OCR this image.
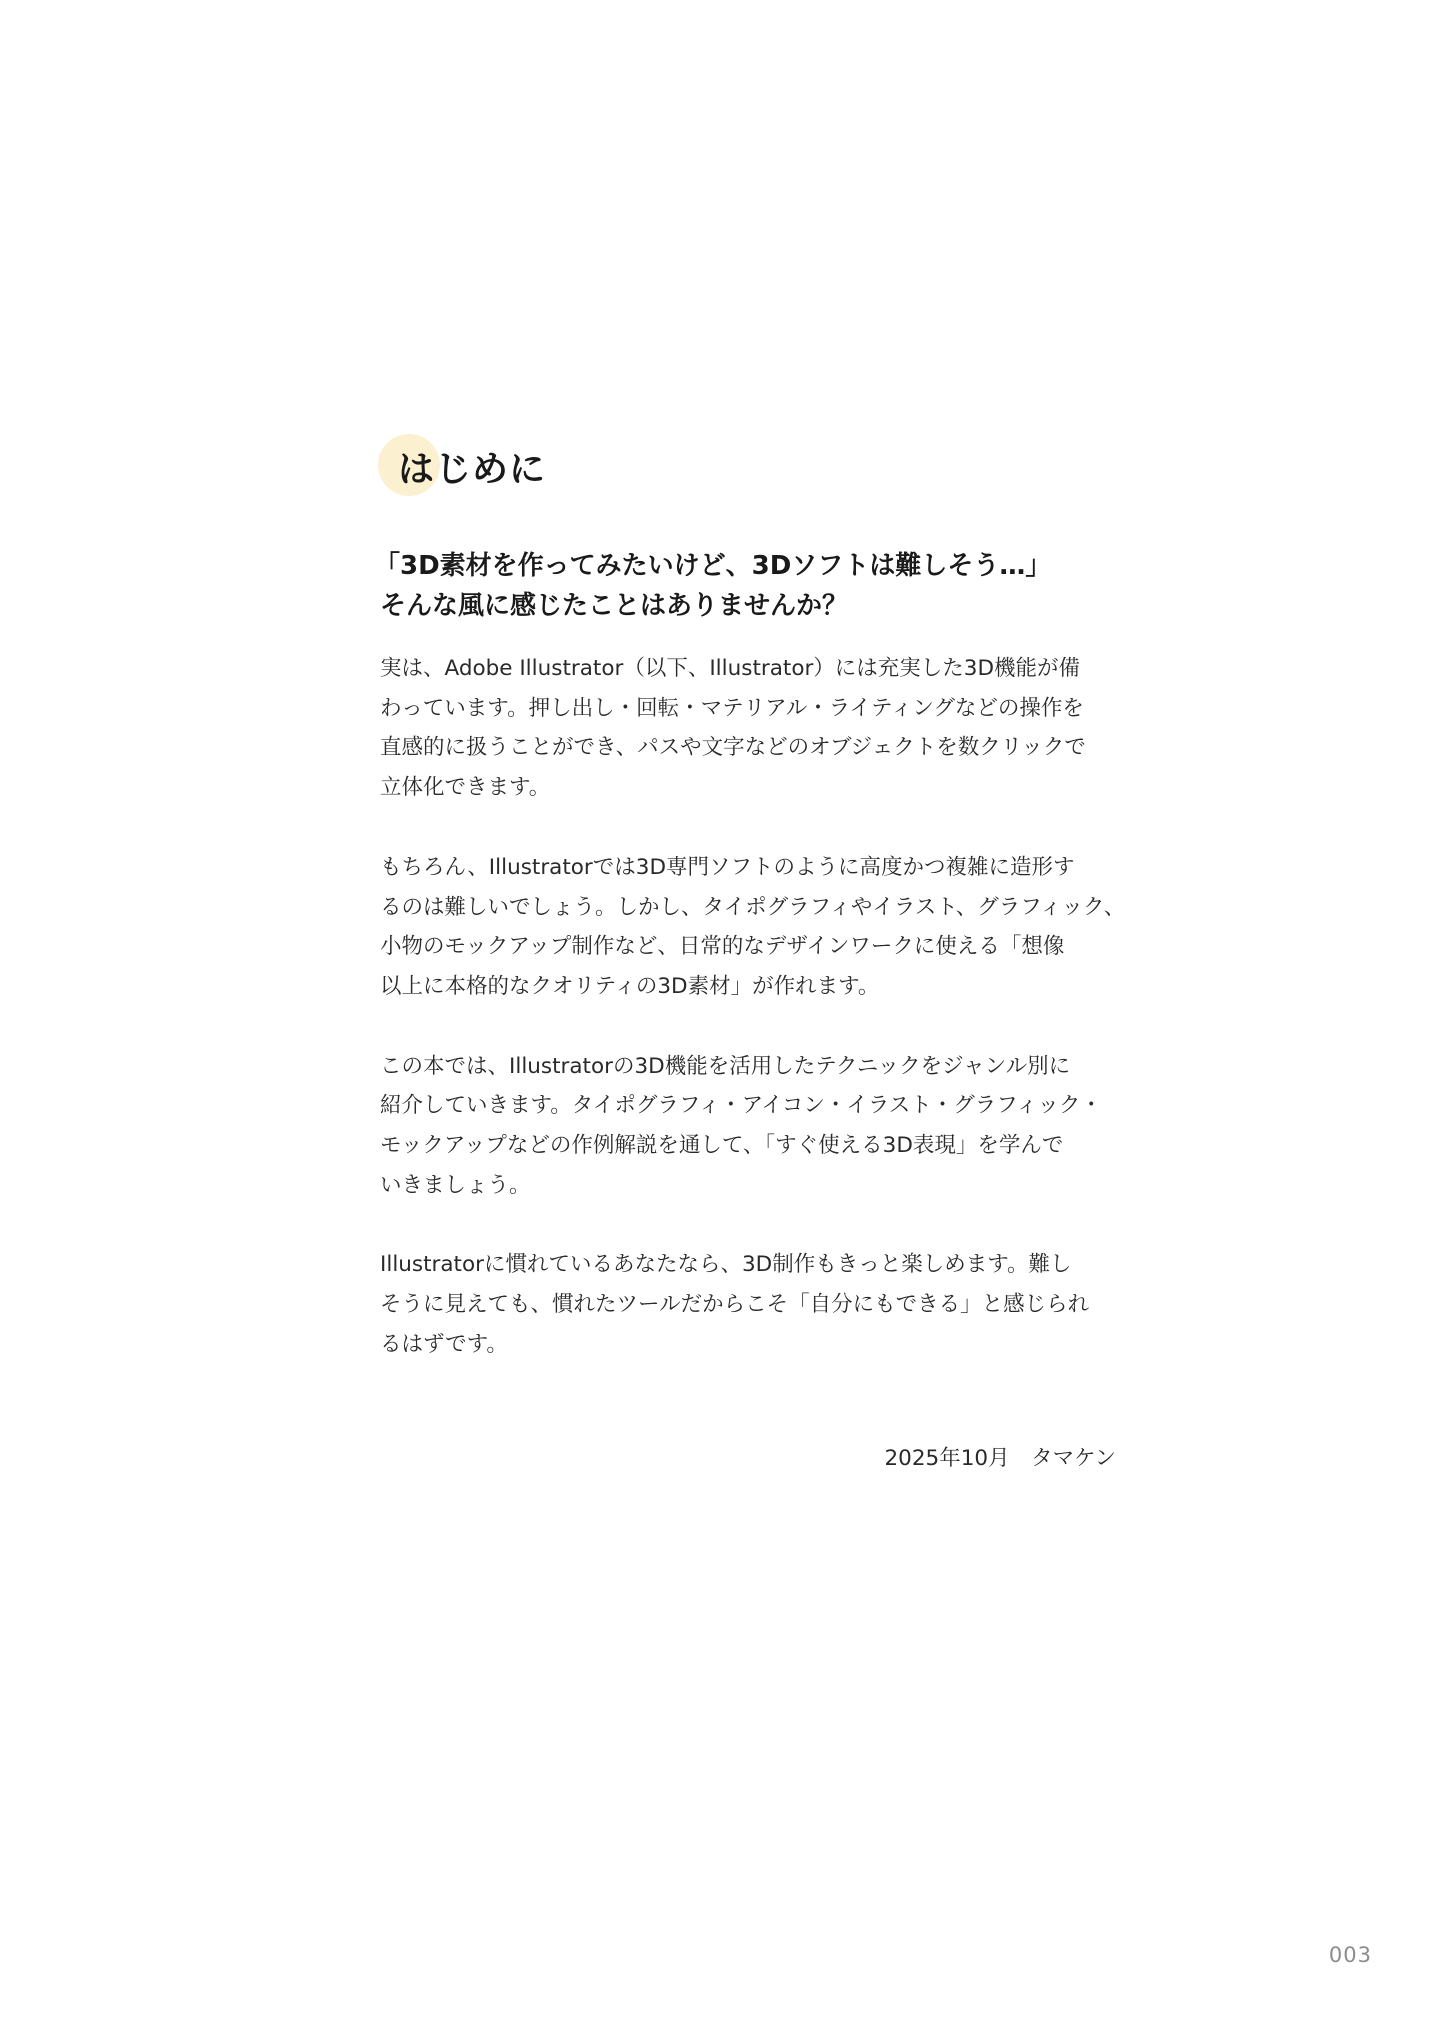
はじめに
「3D素材を作ってみたいけど、3Dソフトは難しそう…」
そんな風に感じたことはありませんか？

実は、Adobe Illustrator（以下、Illustrator）には充実した3D機能が備
わっています。押し出し・回転・マテリアル・ライティングなどの操作を
直感的に扱うことができ、パスや文字などのオブジェクトを数クリックで
立体化できます。

もちろん、Illustratorでは3D専門ソフトのように高度かつ複雑に造形す
るのは難しいでしょう。しかし、タイポグラフィやイラスト、グラフィック、
小物のモックアップ制作など、日常的なデザインワークに使える「想像
以上に本格的なクオリティの3D素材」が作れます。

この本では、Illustratorの3D機能を活用したテクニックをジャンル別に
紹介していきます。タイポグラフィ・アイコン・イラスト・グラフィック・
モックアップなどの作例解説を通して、「すぐ使える3D表現」を学んで
いきましょう。

Illustratorに慣れているあなたなら、3D制作もきっと楽しめます。難し
そうに見えても、慣れたツールだからこそ「自分にもできる」と感じられ
るはずです。

2025年10月　タマケン
003
